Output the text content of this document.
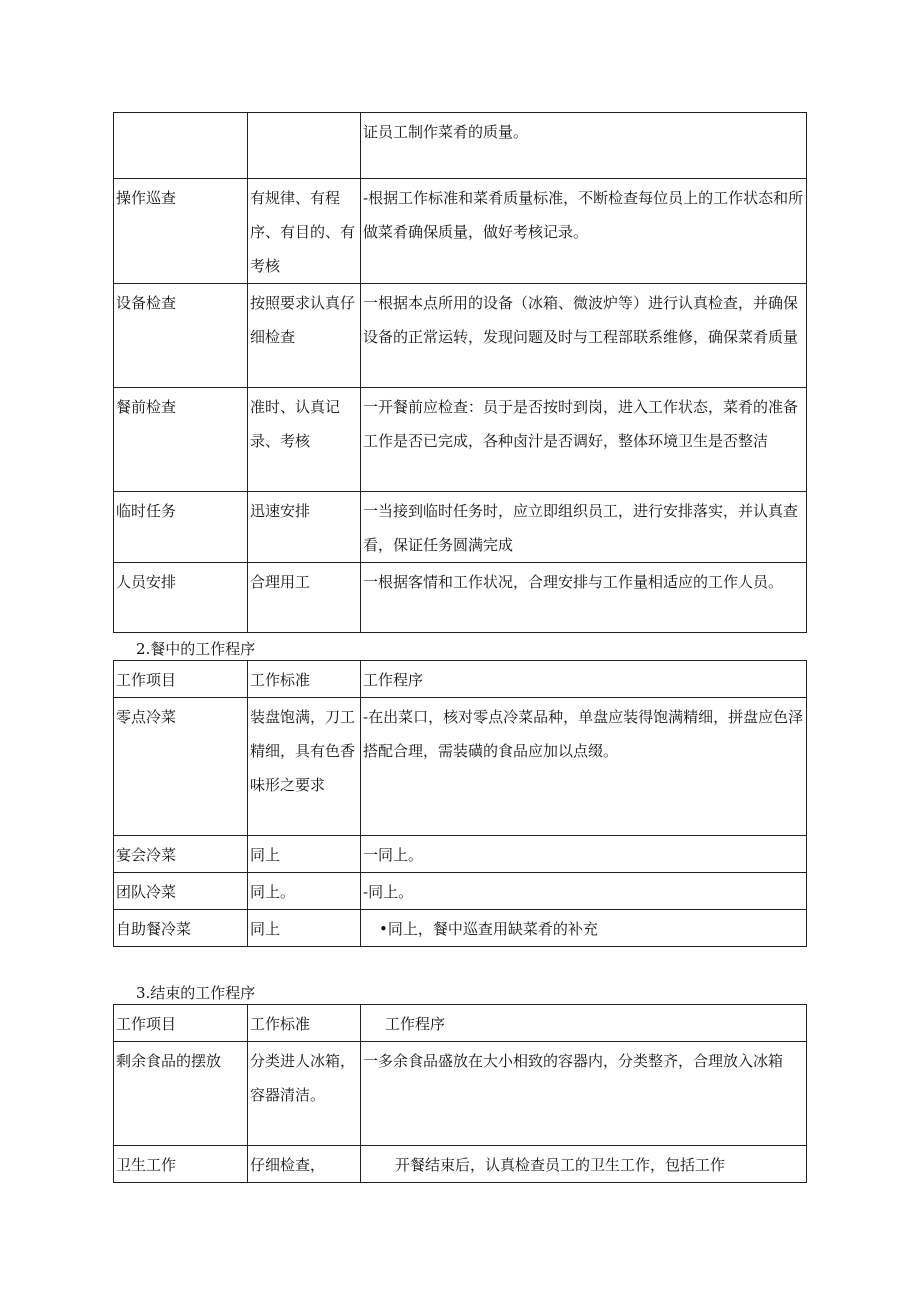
		证员工制作菜肴的质量。
操作巡查	有规律、有程序、有目的、有考核	-根据工作标准和菜肴质量标准，不断检查每位员上的工作状态和所做菜肴确保质量，做好考核记录。
设备检查	按照要求认真仔细检查	一根据本点所用的设备（冰箱、微波炉等）进行认真检查，并确保设备的正常运转，发现问题及时与工程部联系维修，确保菜肴质量
餐前检查	准时、认真记录、考核	一开餐前应检查：员于是否按时到岗，进入工作状态，菜肴的准备工作是否已完成，各种卤汁是否调好，整体环境卫生是否整洁
临时任务	迅速安排	一当接到临时任务时，应立即组织员工，进行安排落实，并认真查看，保证任务圆满完成
人员安排	合理用工	一根据客情和工作状况，合理安排与工作量相适应的工作人员。
2.餐中的工作程序
工作项目	工作标准	工作程序
零点冷菜	装盘饱满，刀工精细，具有色香味形之要求	-在出菜口，核对零点冷菜品种，单盘应装得饱满精细，拼盘应色泽搭配合理，需装磺的食品应加以点缀。
宴会冷菜	同上	一同上。
团队冷菜	同上。	-同上。
自助餐冷菜	同上	•同上，餐中巡查用缺菜肴的补充
3.结束的工作程序
工作项目	工作标准	工作程序
剩余食品的摆放	分类进人冰箱，容器清洁。	一多余食品盛放在大小相致的容器内，分类整齐，合理放入冰箱
卫生工作	仔细检查，	开餐结束后，认真检查员工的卫生工作，包括工作
